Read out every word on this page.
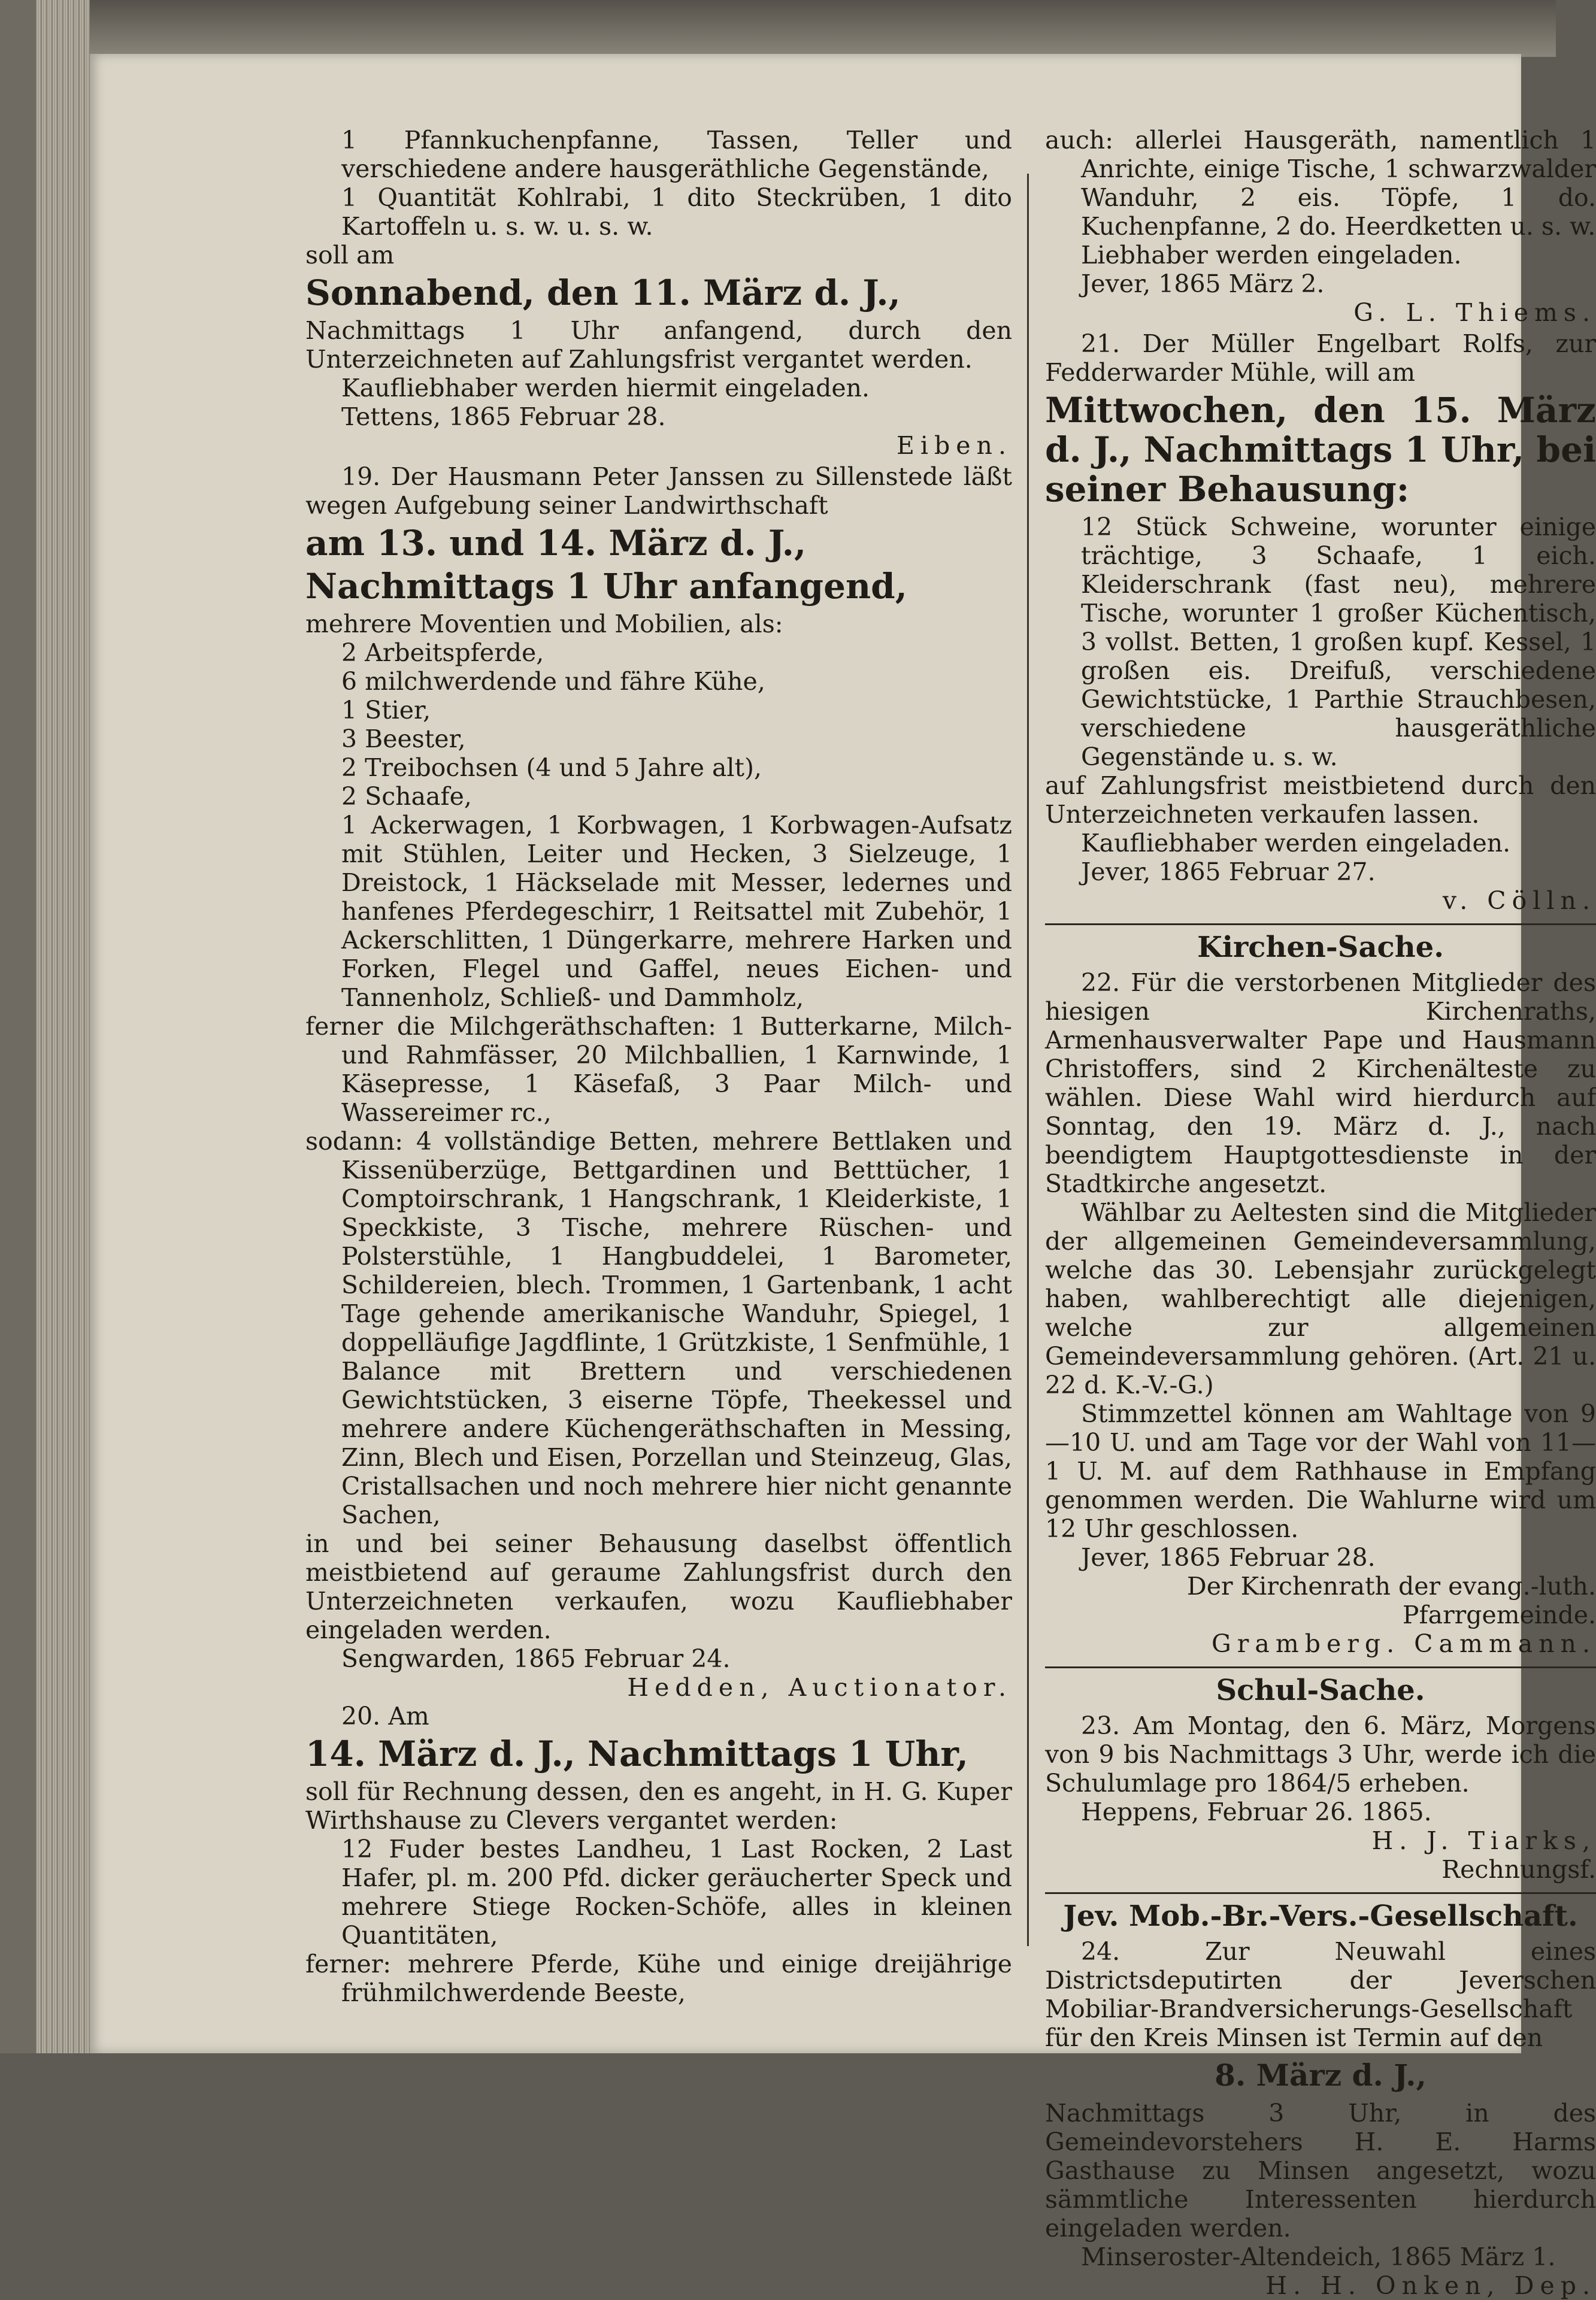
1 Pfannkuchenpfanne, Tassen, Teller und verschiedene andere hausgeräthliche Gegenstände,

1 Quantität Kohlrabi, 1 dito Steckrüben, 1 dito Kartoffeln u. s. w. u. s. w.

soll am

Sonnabend, den 11. März d. J.,

Nachmittags 1 Uhr anfangend, durch den Unterzeichneten auf Zahlungsfrist vergantet werden.

Kaufliebhaber werden hiermit eingeladen.

Tettens, 1865 Februar 28.

Eiben.

19. Der Hausmann Peter Janssen zu Sillenstede läßt wegen Aufgebung seiner Landwirthschaft

am 13. und 14. März d. J.,

Nachmittags 1 Uhr anfangend,

mehrere Moventien und Mobilien, als:

2 Arbeitspferde,

6 milchwerdende und fähre Kühe,

1 Stier,

3 Beester,

2 Treibochsen (4 und 5 Jahre alt),

2 Schaafe,

1 Ackerwagen, 1 Korbwagen, 1 Korbwagen-Aufsatz mit Stühlen, Leiter und Hecken, 3 Sielzeuge, 1 Dreistock, 1 Häckselade mit Messer, ledernes und hanfenes Pferdegeschirr, 1 Reitsattel mit Zubehör, 1 Ackerschlitten, 1 Düngerkarre, mehrere Harken und Forken, Flegel und Gaffel, neues Eichen- und Tannenholz, Schließ- und Dammholz,

ferner die Milchgeräthschaften: 1 Butterkarne, Milch- und Rahmfässer, 20 Milchballien, 1 Karnwinde, 1 Käsepresse, 1 Käsefaß, 3 Paar Milch- und Wassereimer rc.,

sodann: 4 vollständige Betten, mehrere Bettlaken und Kissenüberzüge, Bettgardinen und Betttücher, 1 Comptoirschrank, 1 Hangschrank, 1 Kleiderkiste, 1 Speckkiste, 3 Tische, mehrere Rüschen- und Polsterstühle, 1 Hangbuddelei, 1 Barometer, Schildereien, blech. Trommen, 1 Gartenbank, 1 acht Tage gehende amerikanische Wanduhr, Spiegel, 1 doppelläufige Jagdflinte, 1 Grützkiste, 1 Senfmühle, 1 Balance mit Brettern und verschiedenen Gewichtstücken, 3 eiserne Töpfe, Theekessel und mehrere andere Küchengeräthschaften in Messing, Zinn, Blech und Eisen, Porzellan und Steinzeug, Glas, Cristallsachen und noch mehrere hier nicht genannte Sachen,

in und bei seiner Behausung daselbst öffentlich meistbietend auf geraume Zahlungsfrist durch den Unterzeichneten verkaufen, wozu Kaufliebhaber eingeladen werden.

Sengwarden, 1865 Februar 24.

Hedden, Auctionator.

20. Am

14. März d. J., Nachmittags 1 Uhr,

soll für Rechnung dessen, den es angeht, in H. G. Kuper Wirthshause zu Clevers vergantet werden:

12 Fuder bestes Landheu, 1 Last Rocken, 2 Last Hafer, pl. m. 200 Pfd. dicker geräucherter Speck und mehrere Stiege Rocken-Schöfe, alles in kleinen Quantitäten,

ferner: mehrere Pferde, Kühe und einige dreijährige frühmilchwerdende Beeste,

auch: allerlei Hausgeräth, namentlich 1 Anrichte, einige Tische, 1 schwarzwalder Wanduhr, 2 eis. Töpfe, 1 do. Kuchenpfanne, 2 do. Heerdketten u. s. w.

Liebhaber werden eingeladen.

Jever, 1865 März 2.

G. L. Thiems.

21. Der Müller Engelbart Rolfs, zur Fedderwarder Mühle, will am

Mittwochen, den 15. März d. J., Nachmittags 1 Uhr, bei seiner Behausung:

12 Stück Schweine, worunter einige trächtige, 3 Schaafe, 1 eich. Kleiderschrank (fast neu), mehrere Tische, worunter 1 großer Küchentisch, 3 vollst. Betten, 1 großen kupf. Kessel, 1 großen eis. Dreifuß, verschiedene Gewichtstücke, 1 Parthie Strauchbesen, verschiedene hausgeräthliche Gegenstände u. s. w.

auf Zahlungsfrist meistbietend durch den Unterzeichneten verkaufen lassen.

Kaufliebhaber werden eingeladen.

Jever, 1865 Februar 27.

v. Cölln.

Kirchen-Sache.

22. Für die verstorbenen Mitglieder des hiesigen Kirchenraths, Armenhausverwalter Pape und Hausmann Christoffers, sind 2 Kirchenälteste zu wählen. Diese Wahl wird hierdurch auf Sonntag, den 19. März d. J., nach beendigtem Hauptgottesdienste in der Stadtkirche angesetzt.

Wählbar zu Aeltesten sind die Mitglieder der allgemeinen Gemeindeversammlung, welche das 30. Lebensjahr zurückgelegt haben, wahlberechtigt alle diejenigen, welche zur allgemeinen Gemeindeversammlung gehören. (Art. 21 u. 22 d. K.-V.-G.)

Stimmzettel können am Wahltage von 9—10 U. und am Tage vor der Wahl von 11—1 U. M. auf dem Rathhause in Empfang genommen werden. Die Wahlurne wird um 12 Uhr geschlossen.

Jever, 1865 Februar 28.

Der Kirchenrath der evang.-luth. Pfarrgemeinde.

Gramberg. Cammann.

Schul-Sache.

23. Am Montag, den 6. März, Morgens von 9 bis Nachmittags 3 Uhr, werde ich die Schulumlage pro 1864/5 erheben.

Heppens, Februar 26. 1865.

H. J. Tiarks,

Rechnungsf.

Jev. Mob.-Br.-Vers.-Gesellschaft.

24. Zur Neuwahl eines Districtsdeputirten der Jeverschen Mobiliar-Brandversicherungs-Gesellschaft für den Kreis Minsen ist Termin auf den

8. März d. J.,

Nachmittags 3 Uhr, in des Gemeindevorstehers H. E. Harms Gasthause zu Minsen angesetzt, wozu sämmtliche Interessenten hierdurch eingeladen werden.

Minseroster-Altendeich, 1865 März 1.

H. H. Onken, Dep.
